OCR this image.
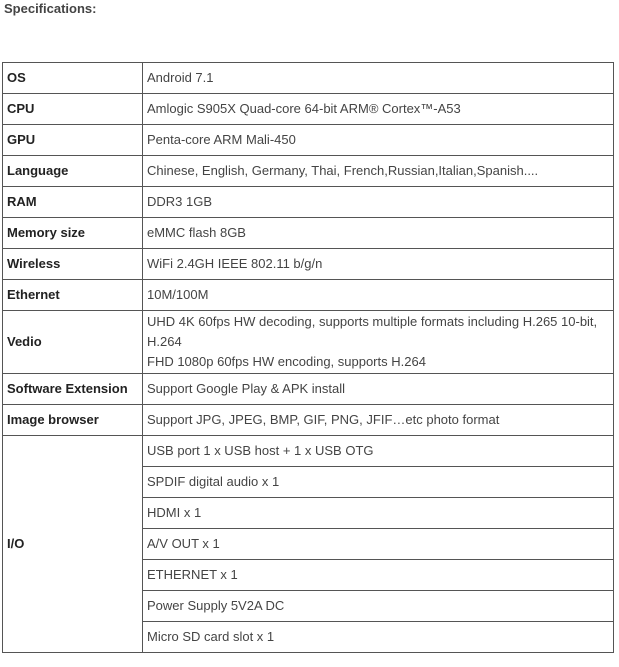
Specifications:
OS	Android 7.1
CPU	Amlogic S905X Quad-core 64-bit ARM® Cortex™-A53
GPU	Penta-core ARM Mali-450
Language	Chinese, English, Germany, Thai, French,Russian,Italian,Spanish....
RAM	DDR3 1GB
Memory size	eMMC flash 8GB
Wireless	WiFi 2.4GH IEEE 802.11 b/g/n
Ethernet	10M/100M
Vedio	UHD 4K 60fps HW decoding, supports multiple formats including H.265 10-bit, H.264
FHD 1080p 60fps HW encoding, supports H.264

Software Extension	Support Google Play & APK install
Image browser	Support JPG, JPEG, BMP, GIF, PNG, JFIF…etc photo format
I/O	USB port 1 x USB host + 1 x USB OTG
	SPDIF digital audio x 1
	HDMI x 1
	A/V OUT x 1
	ETHERNET x 1
	Power Supply 5V2A DC
	Micro SD card slot x 1
